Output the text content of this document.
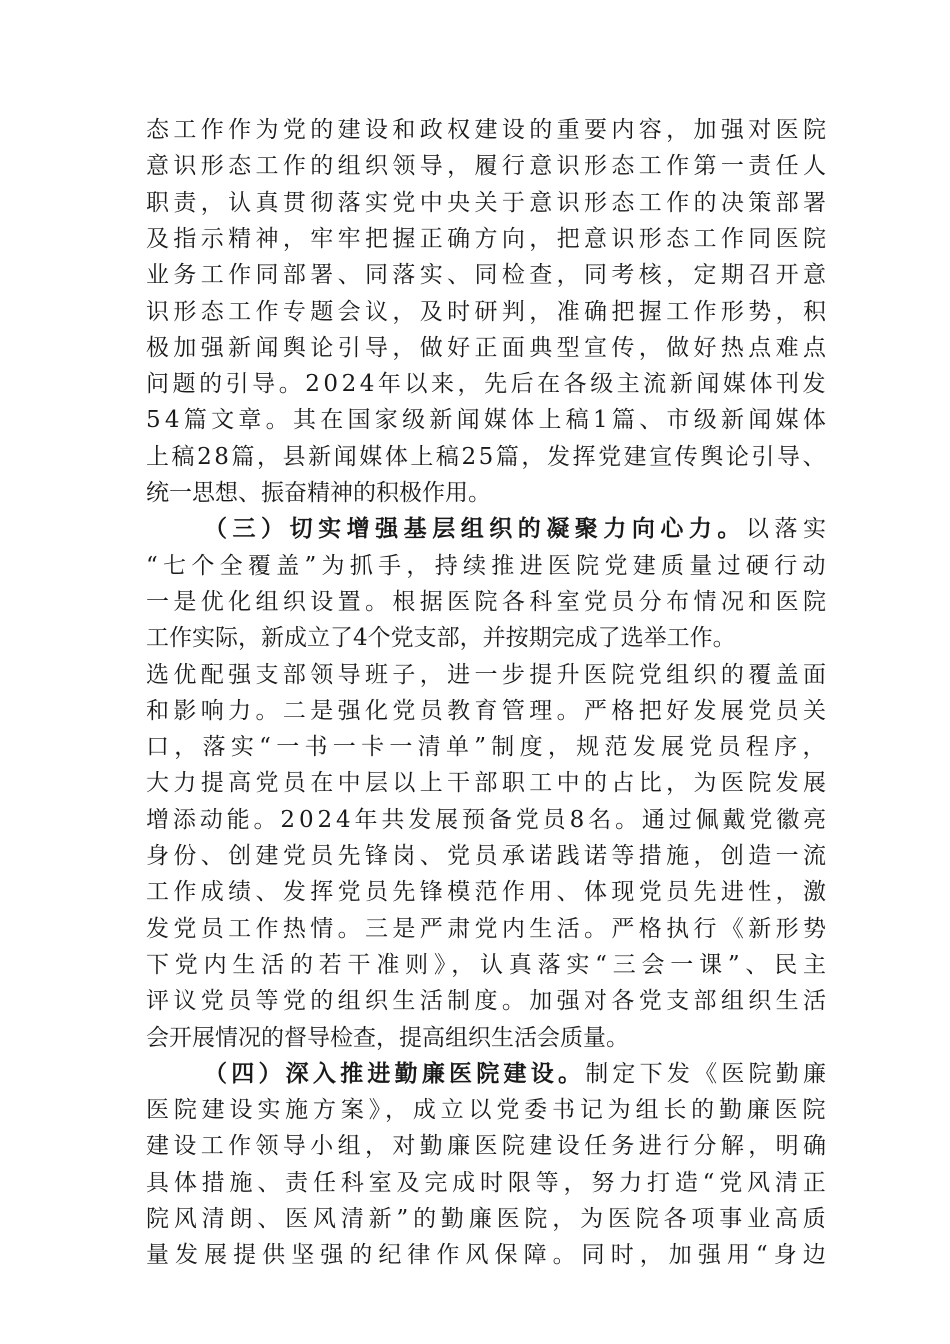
态工作作为党的建设和政权建设的重要内容，加强对医院
意识形态工作的组织领导，履行意识形态工作第一责任人
职责，认真贯彻落实党中央关于意识形态工作的决策部署
及指示精神，牢牢把握正确方向，把意识形态工作同医院
业务工作同部署、同落实、同检查，同考核，定期召开意
识形态工作专题会议，及时研判，准确把握工作形势，积
极加强新闻舆论引导，做好正面典型宣传，做好热点难点
问题的引导。2024年以来，先后在各级主流新闻媒体刊发
54篇文章。其在国家级新闻媒体上稿1篇、市级新闻媒体
上稿28篇，县新闻媒体上稿25篇，发挥党建宣传舆论引导、
统一思想、振奋精神的积极作用。
（三）切实增强基层组织的凝聚力向心力。以落实
“七个全覆盖”为抓手，持续推进医院党建质量过硬行动
一是优化组织设置。根据医院各科室党员分布情况和医院
工作实际，新成立了4个党支部，并按期完成了选举工作。
选优配强支部领导班子，进一步提升医院党组织的覆盖面
和影响力。二是强化党员教育管理。严格把好发展党员关
口，落实“一书一卡一清单”制度，规范发展党员程序，
大力提高党员在中层以上干部职工中的占比，为医院发展
增添动能。2024年共发展预备党员8名。通过佩戴党徽亮
身份、创建党员先锋岗、党员承诺践诺等措施，创造一流
工作成绩、发挥党员先锋模范作用、体现党员先进性，激
发党员工作热情。三是严肃党内生活。严格执行《新形势
下党内生活的若干准则》，认真落实“三会一课”、民主
评议党员等党的组织生活制度。加强对各党支部组织生活
会开展情况的督导检查，提高组织生活会质量。
（四）深入推进勤廉医院建设。制定下发《医院勤廉
医院建设实施方案》，成立以党委书记为组长的勤廉医院
建设工作领导小组，对勤廉医院建设任务进行分解，明确
具体措施、责任科室及完成时限等，努力打造“党风清正
院风清朗、医风清新”的勤廉医院，为医院各项事业高质
量发展提供坚强的纪律作风保障。同时，加强用“身边
